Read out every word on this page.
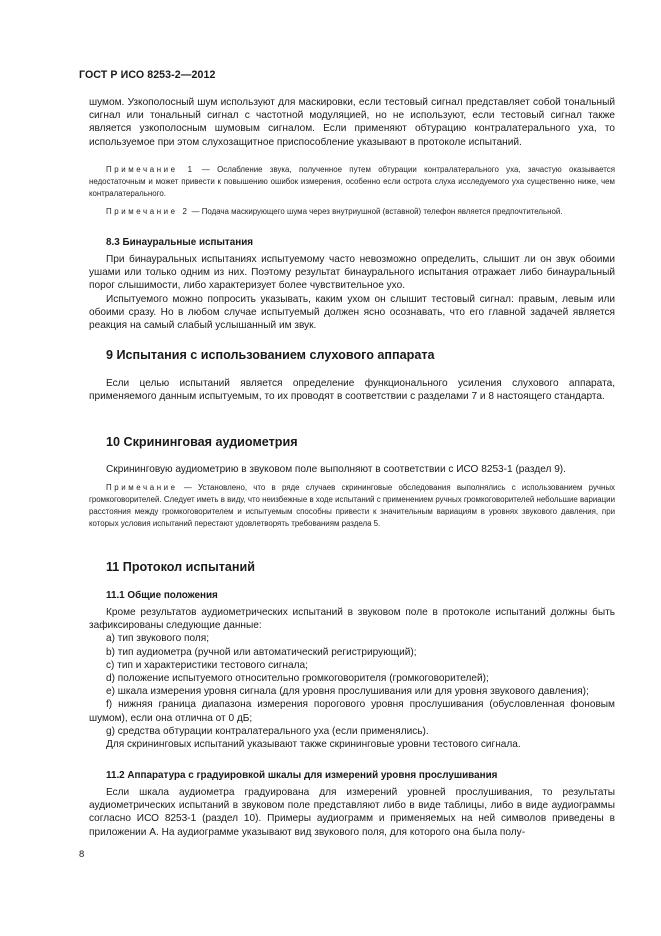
ГОСТ Р ИСО 8253-2—2012

шумом. Узкополосный шум используют для маскировки, если тестовый сигнал представляет собой тональный сигнал или тональный сигнал с частотной модуляцией, но не используют, если тестовый сигнал также является узкополосным шумовым сигналом. Если применяют обтурацию контралатерального уха, то используемое при этом слухозащитное приспособление указывают в протоколе испытаний.

Примечание 1 — Ослабление звука, полученное путем обтурации контралатерального уха, зачастую оказывается недостаточным и может привести к повышению ошибок измерения, особенно если острота слуха исследуемого уха существенно ниже, чем контралатерального.

Примечание 2 — Подача маскирующего шума через внутриушной (вставной) телефон является предпочтительной.

8.3 Бинауральные испытания

При бинауральных испытаниях испытуемому часто невозможно определить, слышит ли он звук обоими ушами или только одним из них. Поэтому результат бинаурального испытания отражает либо бинауральный порог слышимости, либо характеризует более чувствительное ухо.

Испытуемого можно попросить указывать, каким ухом он слышит тестовый сигнал: правым, левым или обоими сразу. Но в любом случае испытуемый должен ясно осознавать, что его главной задачей является реакция на самый слабый услышанный им звук.

9 Испытания с использованием слухового аппарата

Если целью испытаний является определение функционального усиления слухового аппарата, применяемого данным испытуемым, то их проводят в соответствии с разделами 7 и 8 настоящего стандарта.

10 Скрининговая аудиометрия

Скрининговую аудиометрию в звуковом поле выполняют в соответствии с ИСО 8253-1 (раздел 9).

Примечание — Установлено, что в ряде случаев скрининговые обследования выполнялись с использованием ручных громкоговорителей. Следует иметь в виду, что неизбежные в ходе испытаний с применением ручных громкоговорителей небольшие вариации расстояния между громкоговорителем и испытуемым способны привести к значительным вариациям в уровнях звукового давления, при которых условия испытаний перестают удовлетворять требованиям раздела 5.

11 Протокол испытаний
11.1 Общие положения

Кроме результатов аудиометрических испытаний в звуковом поле в протоколе испытаний должны быть зафиксированы следующие данные:

a) тип звукового поля;
b) тип аудиометра (ручной или автоматический регистрирующий);
c) тип и характеристики тестового сигнала;
d) положение испытуемого относительно громкоговорителя (громкоговорителей);
e) шкала измерения уровня сигнала (для уровня прослушивания или для уровня звукового давления);
f) нижняя граница диапазона измерения порогового уровня прослушивания (обусловленная фоновым шумом), если она отлична от 0 дБ;
g) средства обтурации контралатерального уха (если применялись).

Для скрининговых испытаний указывают также скрининговые уровни тестового сигнала.

11.2 Аппаратура с градуировкой шкалы для измерений уровня прослушивания

Если шкала аудиометра градуирована для измерений уровней прослушивания, то результаты аудиометрических испытаний в звуковом поле представляют либо в виде таблицы, либо в виде аудиограммы согласно ИСО 8253-1 (раздел 10). Примеры аудиограмм и применяемых на ней символов приведены в приложении А. На аудиограмме указывают вид звукового поля, для которого она была полу-

8
